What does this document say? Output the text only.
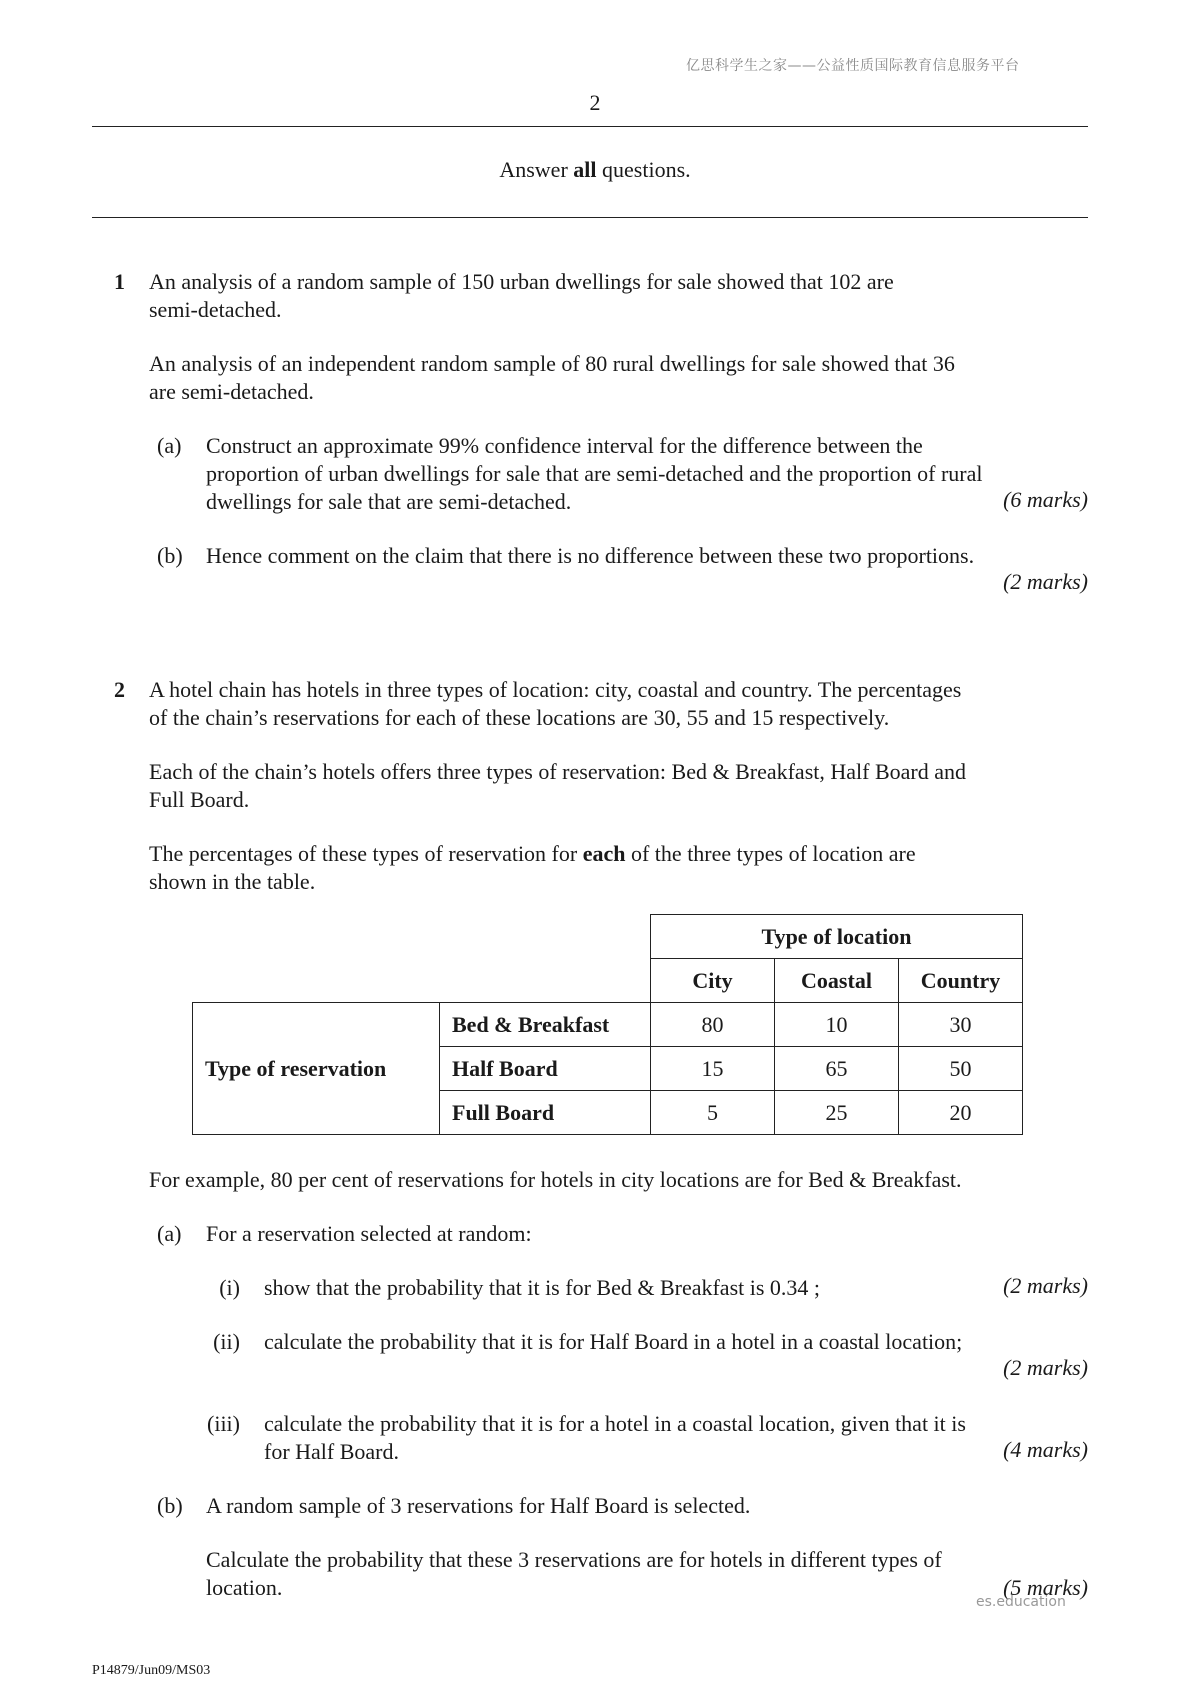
亿思科学生之家——公益性质国际教育信息服务平台
2
Answer all questions.
1 An analysis of a random sample of 150 urban dwellings for sale showed that 102 are
semi-detached.
An analysis of an independent random sample of 80 rural dwellings for sale showed that 36
are semi-detached.
(a) Construct an approximate 99% confidence interval for the difference between the
proportion of urban dwellings for sale that are semi-detached and the proportion of rural
dwellings for sale that are semi-detached.	(6 marks)
(b) Hence comment on the claim that there is no difference between these two proportions.
(2 marks)
2 A hotel chain has hotels in three types of location: city, coastal and country. The percentages
of the chain’s reservations for each of these locations are 30, 55 and 15 respectively.
Each of the chain’s hotels offers three types of reservation: Bed & Breakfast, Half Board and
Full Board.
The percentages of these types of reservation for each of the three types of location are
shown in the table.
		Type of location		
		City	Coastal	Country
Type of reservation	Bed & Breakfast	80	10	30
	Half Board	15	65	50
	Full Board	5	25	20
For example, 80 per cent of reservations for hotels in city locations are for Bed & Breakfast.
(a) For a reservation selected at random:
(i) show that the probability that it is for Bed & Breakfast is 0.34 ;	(2 marks)
(ii) calculate the probability that it is for Half Board in a hotel in a coastal location;
(2 marks)
(iii) calculate the probability that it is for a hotel in a coastal location, given that it is
for Half Board.	(4 marks)
(b) A random sample of 3 reservations for Half Board is selected.
Calculate the probability that these 3 reservations are for hotels in different types of
location.	(5 marks)
es.education
P14879/Jun09/MS03
